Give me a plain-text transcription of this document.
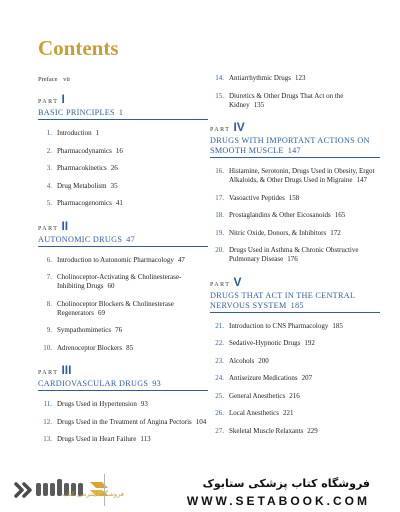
Contents
Preface vii
PART I
BASIC PRINCIPLES 1
1. Introduction 1
2. Pharmacodynamics 16
3. Pharmacokinetics 26
4. Drug Metabolism 35
5. Pharmacogenomics 41
PART II
AUTONOMIC DRUGS 47
6. Introduction to Autonomic Pharmacology 47
7. Cholinoceptor-Activating & Cholinesterase-Inhibiting Drugs 60
8. Cholinoceptor Blockers & Cholinesterase Regenerators 69
9. Sympathomimetics 76
10. Adrenoceptor Blockers 85
PART III
CARDIOVASCULAR DRUGS 93
11. Drugs Used in Hypertension 93
12. Drugs Used in the Treatment of Angina Pectoris 104
13. Drugs Used in Heart Failure 113
14. Antiarrhythmic Drugs 123
15. Diuretics & Other Drugs That Act on the Kidney 135
PART IV
DRUGS WITH IMPORTANT ACTIONS ON SMOOTH MUSCLE 147
16. Histamine, Serotonin, Drugs Used in Obesity, Ergot Alkaloids, & Other Drugs Used in Migraine 147
17. Vasoactive Peptides 158
18. Prostaglandins & Other Eicosanoids 165
19. Nitric Oxide, Donors, & Inhibitors 172
20. Drugs Used in Asthma & Chronic Obstructive Pulmonary Disease 176
PART V
DRUGS THAT ACT IN THE CENTRAL NERVOUS SYSTEM 185
21. Introduction to CNS Pharmacology 185
22. Sedative-Hypnotic Drugs 192
23. Alcohols 200
24. Antiseizure Medications 207
25. General Anesthetics 216
26. Local Anesthetics 221
27. Skeletal Muscle Relaxants 229
فروشگاه اینترنتی کتاب
فروشگاه کتاب پزشکی ستابوک
WWW.SETABOOK.COM
